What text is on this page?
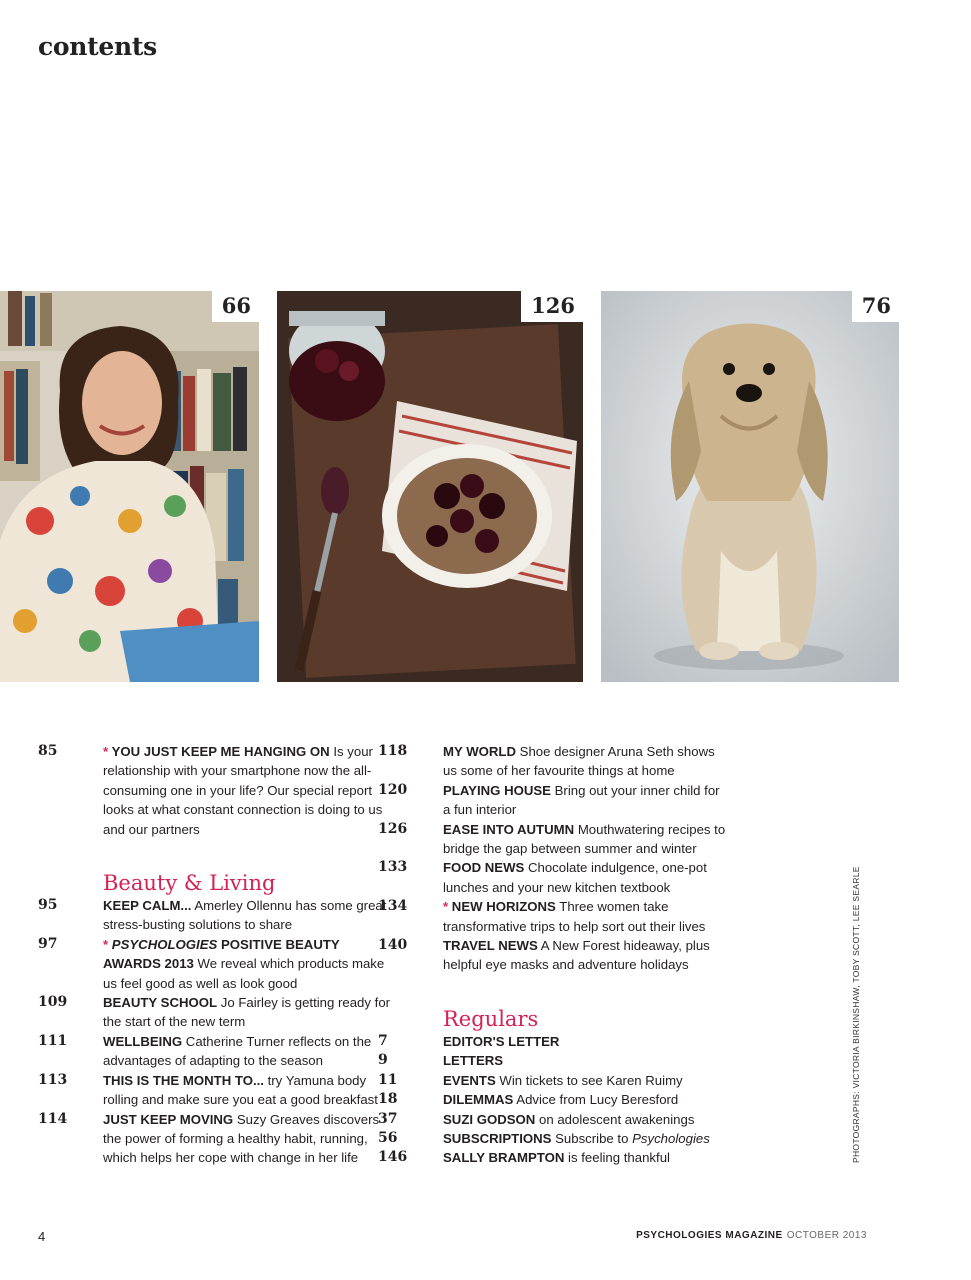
contents
66	126	76
85	* YOU JUST KEEP ME HANGING ON Is your relationship with your smartphone now the all-consuming one in your life? Our special report looks at what constant connection is doing to us and our partners
Beauty & Living
95	KEEP CALM... Amerley Ollennu has some great stress-busting solutions to share
97	* PSYCHOLOGIES POSITIVE BEAUTY AWARDS 2013 We reveal which products make us feel good as well as look good
109	BEAUTY SCHOOL Jo Fairley is getting ready for the start of the new term
111	WELLBEING Catherine Turner reflects on the advantages of adapting to the season
113	THIS IS THE MONTH TO... try Yamuna body rolling and make sure you eat a good breakfast
114	JUST KEEP MOVING Suzy Greaves discovers the power of forming a healthy habit, running, which helps her cope with change in her life
118	MY WORLD Shoe designer Aruna Seth shows us some of her favourite things at home
120	PLAYING HOUSE Bring out your inner child for a fun interior
126	EASE INTO AUTUMN Mouthwatering recipes to bridge the gap between summer and winter
133	FOOD NEWS Chocolate indulgence, one-pot lunches and your new kitchen textbook
134	* NEW HORIZONS Three women take transformative trips to help sort out their lives
140	TRAVEL NEWS A New Forest hideaway, plus helpful eye masks and adventure holidays
Regulars
7	EDITOR'S LETTER
9	LETTERS
11	EVENTS Win tickets to see Karen Ruimy
18	DILEMMAS Advice from Lucy Beresford
37	SUZI GODSON on adolescent awakenings
56	SUBSCRIPTIONS Subscribe to Psychologies
146	SALLY BRAMPTON is feeling thankful	PHOTOGRAPHS: VICTORIA BIRKINSHAW, TOBY SCOTT, LEE SEARLE
4	PSYCHOLOGIES MAGAZINE OCTOBER 2013
